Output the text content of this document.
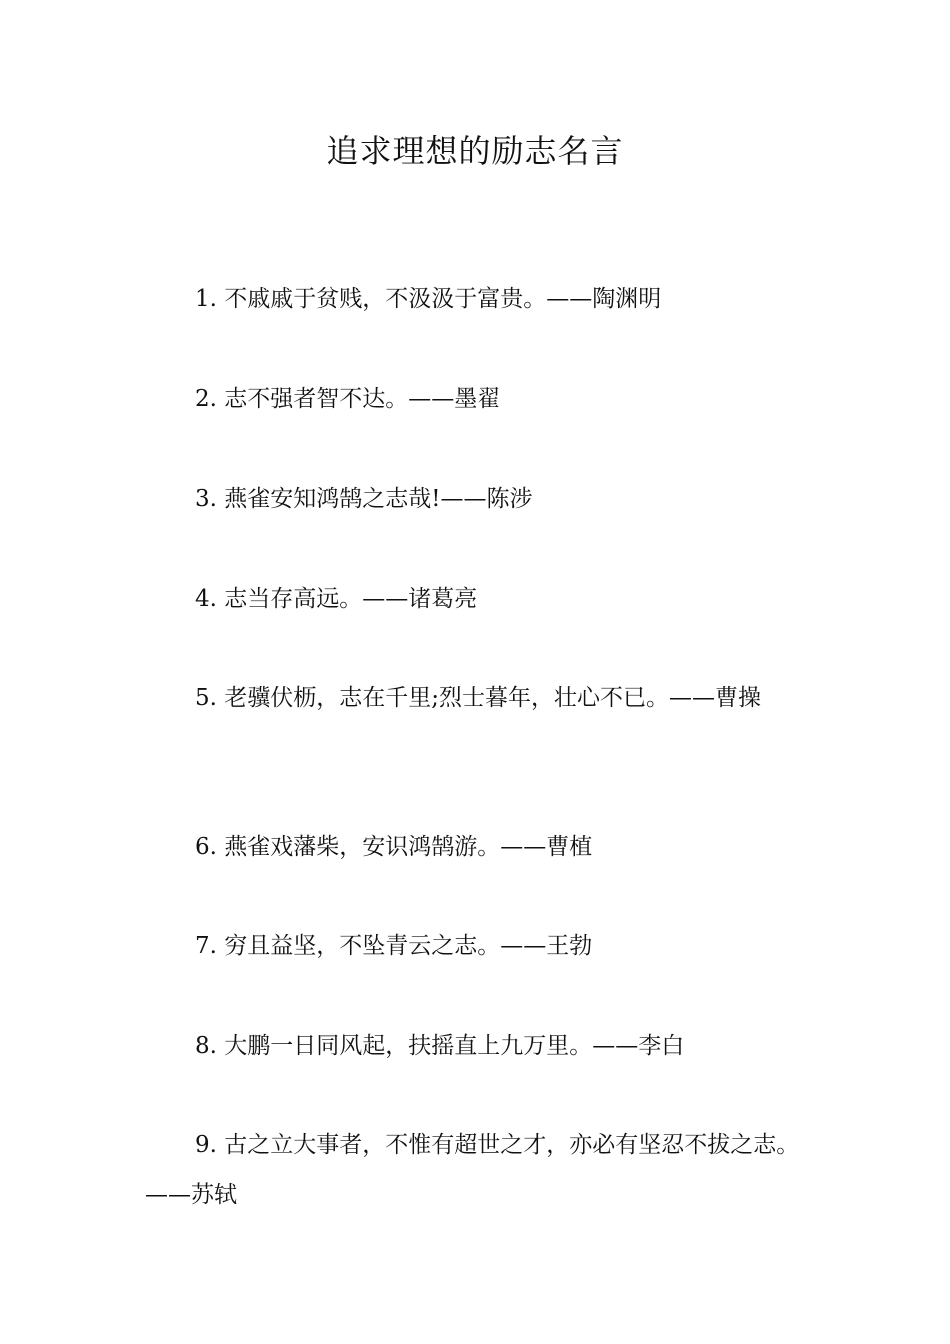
追求理想的励志名言

1. 不戚戚于贫贱，不汲汲于富贵。——陶渊明

2. 志不强者智不达。——墨翟

3. 燕雀安知鸿鹄之志哉!——陈涉

4. 志当存高远。——诸葛亮

5. 老骥伏枥，志在千里;烈士暮年，壮心不已。——曹操

6. 燕雀戏藩柴，安识鸿鹄游。——曹植

7. 穷且益坚，不坠青云之志。——王勃

8. 大鹏一日同风起，扶摇直上九万里。——李白

9. 古之立大事者，不惟有超世之才，亦必有坚忍不拔之志。——苏轼
